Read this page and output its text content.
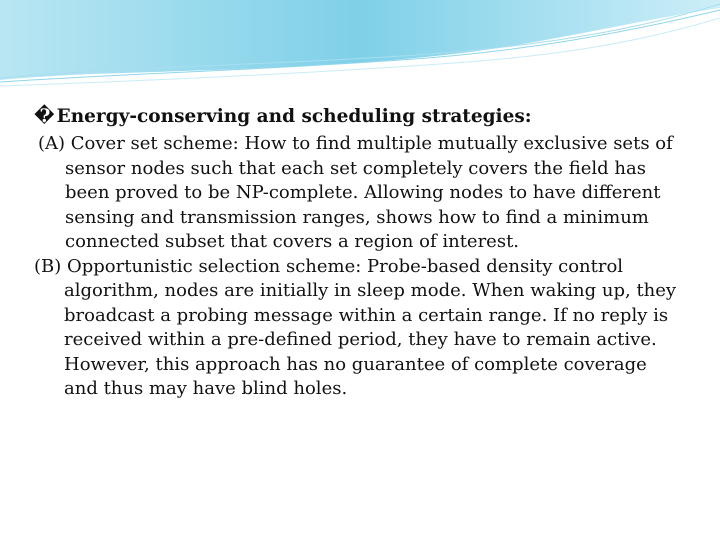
� Energy-conserving and scheduling strategies:

(A) Cover set scheme: How to find multiple mutually exclusive sets of sensor nodes such that each set completely covers the field has been proved to be NP-complete. Allowing nodes to have different sensing and transmission ranges, shows how to find a minimum connected subset that covers a region of interest.

(B) Opportunistic selection scheme: Probe-based density control algorithm, nodes are initially in sleep mode. When waking up, they broadcast a probing message within a certain range. If no reply is received within a pre-defined period, they have to remain active. However, this approach has no guarantee of complete coverage and thus may have blind holes.
